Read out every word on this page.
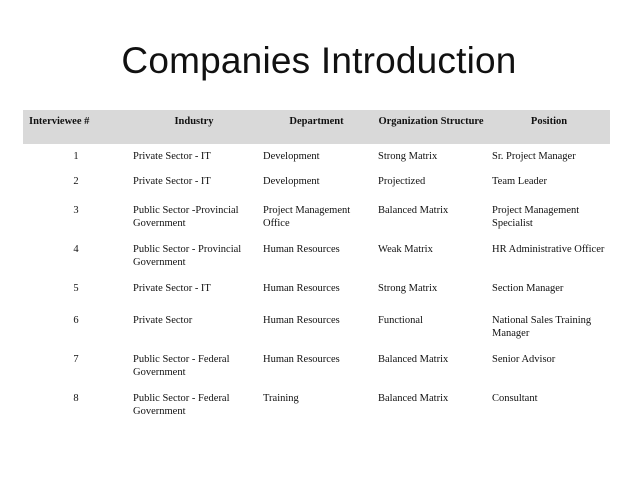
Companies Introduction
Interviewee #	Industry	Department	Organization Structure	Position
1	Private Sector - IT	Development	Strong Matrix	Sr. Project Manager
2	Private Sector - IT	Development	Projectized	Team Leader
3	Public Sector -Provincial Government	Project Management Office	Balanced Matrix	Project Management Specialist
4	Public Sector - Provincial Government	Human Resources	Weak Matrix	HR Administrative Officer
5	Private Sector - IT	Human Resources	Strong Matrix	Section Manager
6	Private Sector	Human Resources	Functional	National Sales Training Manager
7	Public Sector - Federal Government	Human Resources	Balanced Matrix	Senior Advisor
8	Public Sector - Federal Government	Training	Balanced Matrix	Consultant
